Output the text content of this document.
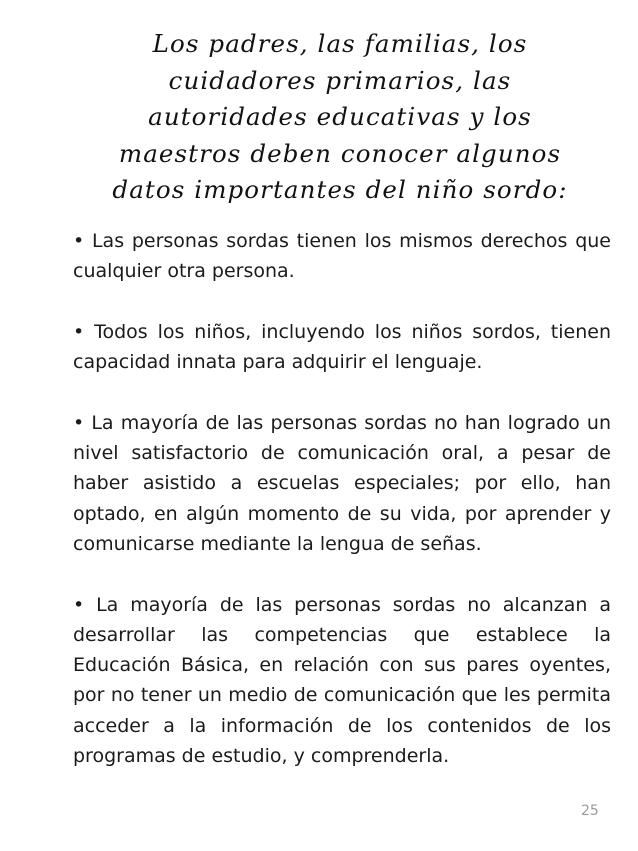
Los padres, las familias, los
cuidadores primarios, las
autoridades educativas y los
maestros deben conocer algunos
datos importantes del niño sordo:

• Las personas sordas tienen los mismos derechos que cualquier otra persona.

• Todos los niños, incluyendo los niños sordos, tienen capacidad innata para adquirir el lenguaje.

• La mayoría de las personas sordas no han logrado un nivel satisfactorio de comunicación oral, a pesar de haber asistido a escuelas especiales; por ello, han optado, en algún momento de su vida, por aprender y comunicarse mediante la lengua de señas.

• La mayoría de las personas sordas no alcanzan a desarrollar las competencias que establece la Educación Básica, en relación con sus pares oyentes, por no tener un medio de comunicación que les permita acceder a la información de los contenidos de los programas de estudio, y comprenderla.

25
